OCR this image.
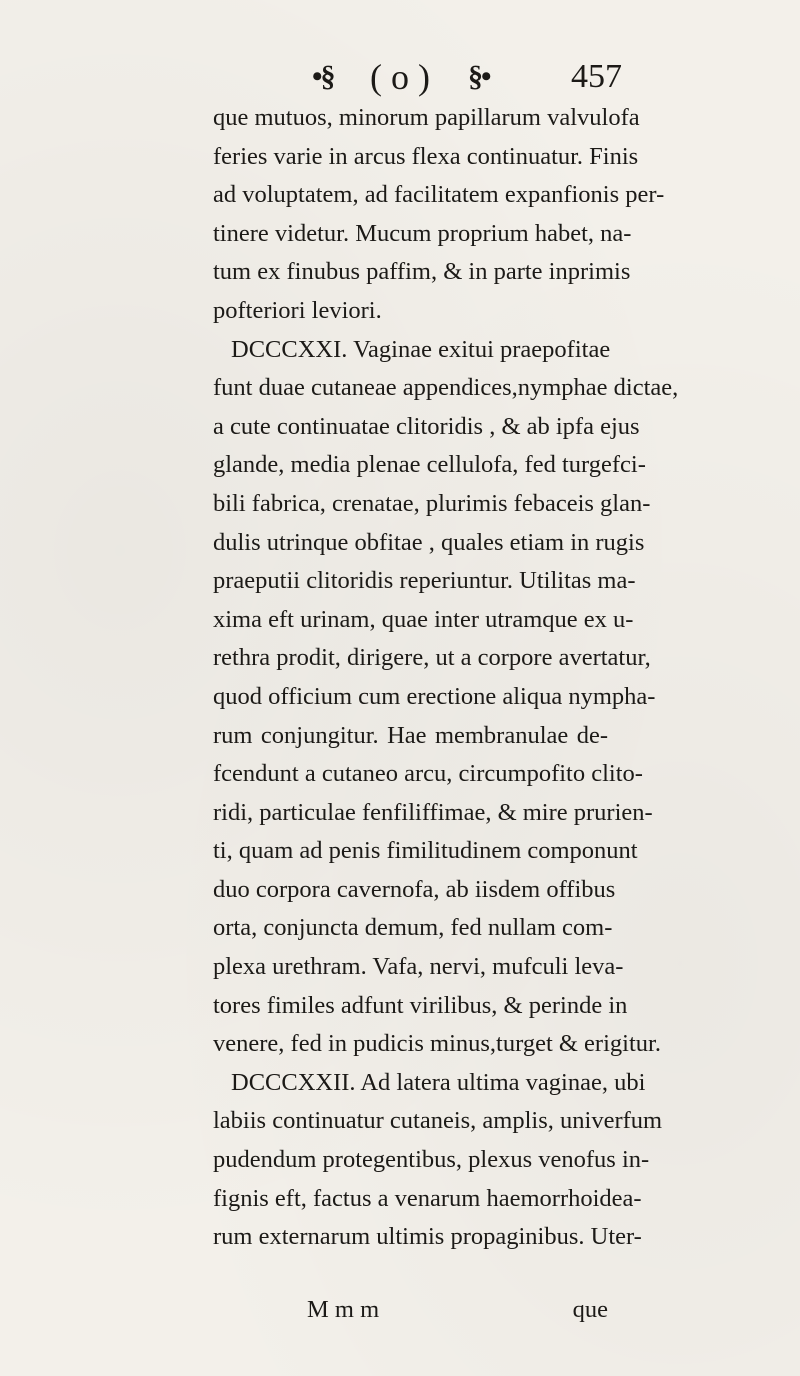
•§ ( o ) §• 457
que mutuos, minorum papillarum valvulofa
feries varie in arcus flexa continuatur. Finis
ad voluptatem, ad facilitatem expanfionis per-
tinere videtur. Mucum proprium habet, na-
tum ex finubus paffim, & in parte inprimis
pofteriori leviori.
DCCCXXI. Vaginae exitui praepofitae
funt duae cutaneae appendices,nymphae dictae,
a cute continuatae clitoridis , & ab ipfa ejus
glande, media plenae cellulofa, fed turgefci-
bili fabrica, crenatae, plurimis febaceis glan-
dulis utrinque obfitae , quales etiam in rugis
praeputii clitoridis reperiuntur. Utilitas ma-
xima eft urinam, quae inter utramque ex u-
rethra prodit, dirigere, ut a corpore avertatur,
quod officium cum erectione aliqua nympha-
rum conjungitur. Hae membranulae de-
fcendunt a cutaneo arcu, circumpofito clito-
ridi, particulae fenfiliffimae, & mire prurien-
ti, quam ad penis fimilitudinem componunt
duo corpora cavernofa, ab iisdem offibus
orta, conjuncta demum, fed nullam com-
plexa urethram. Vafa, nervi, mufculi leva-
tores fimiles adfunt virilibus, & perinde in
venere, fed in pudicis minus,turget & erigitur.
DCCCXXII. Ad latera ultima vaginae, ubi
labiis continuatur cutaneis, amplis, univerfum
pudendum protegentibus, plexus venofus in-
fignis eft, factus a venarum haemorrhoidea-
rum externarum ultimis propaginibus. Uter-
M m m	que
